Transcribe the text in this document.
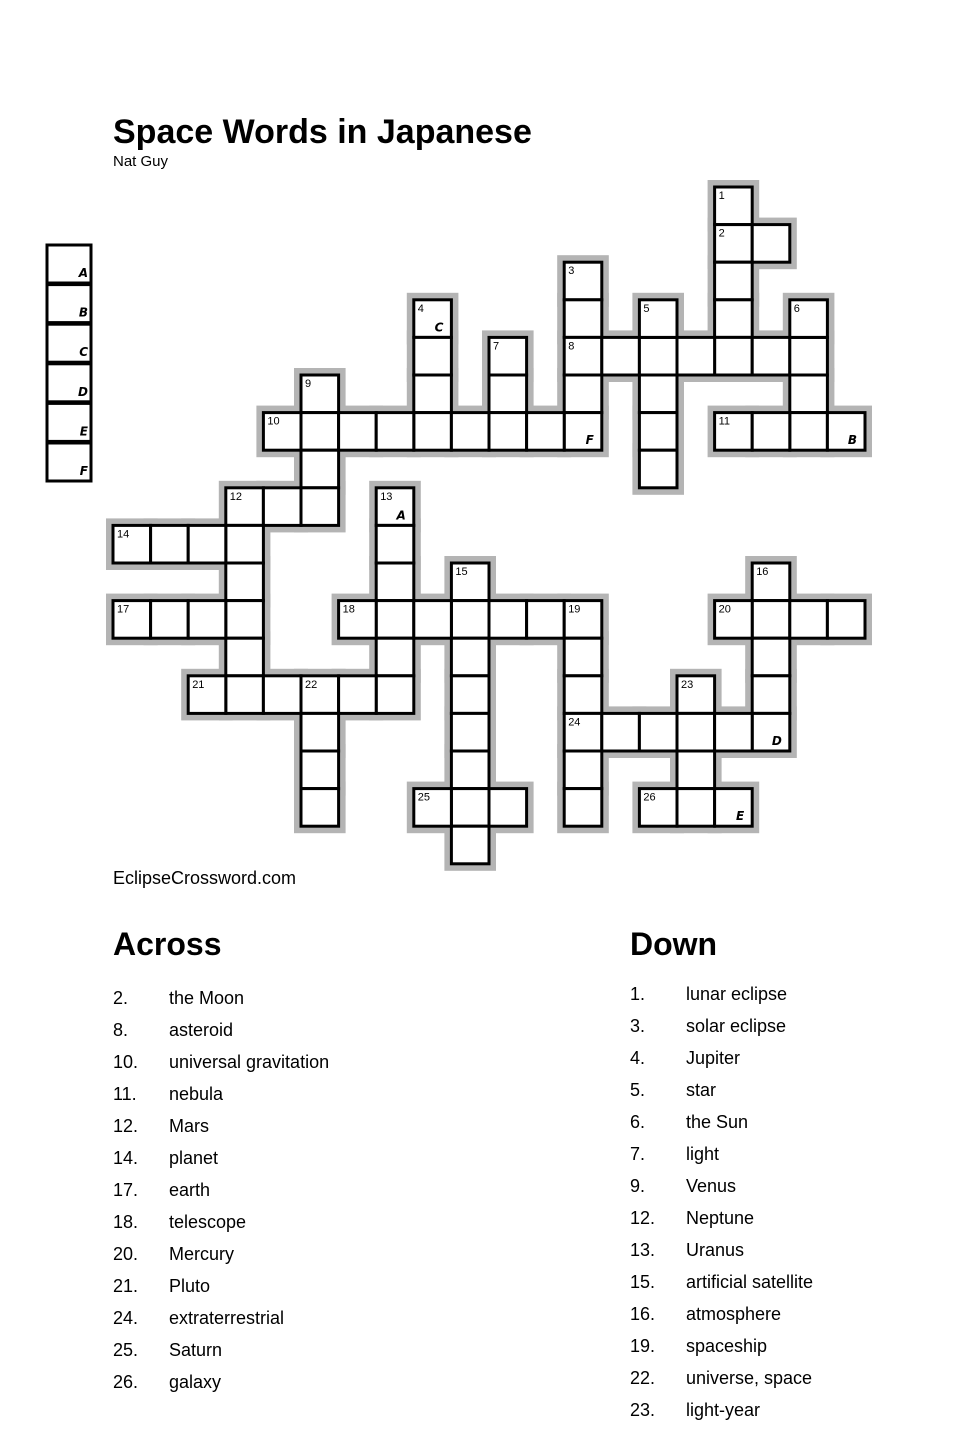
Space Words in Japanese
Nat Guy
1
2
3
4	5	6
7	8
9
10	11
12	13
14
15	16
17	18	19	20
21	22	23
24
25	26
C
F	B
A
D
E
A
B
C
D
E
F
EclipseCrossword.com
Across
2.	the Moon
8.	asteroid
10.	universal gravitation
11.	nebula
12.	Mars
14.	planet
17.	earth
18.	telescope
20.	Mercury
21.	Pluto
24.	extraterrestrial
25.	Saturn
26.	galaxy
Down
1.	lunar eclipse
3.	solar eclipse
4.	Jupiter
5.	star
6.	the Sun
7.	light
9.	Venus
12.	Neptune
13.	Uranus
15.	artificial satellite
16.	atmosphere
19.	spaceship
22.	universe, space
23.	light-year
